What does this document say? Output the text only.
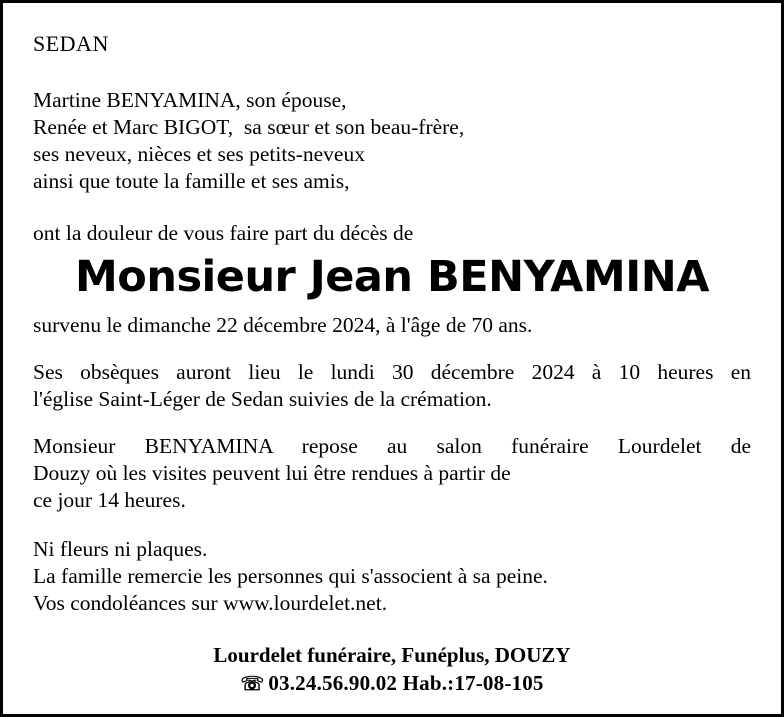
SEDAN
Martine BENYAMINA, son épouse,
Renée et Marc BIGOT,  sa sœur et son beau-frère,
ses neveux, nièces et ses petits-neveux
ainsi que toute la famille et ses amis,
ont la douleur de vous faire part du décès de
Monsieur Jean BENYAMINA
survenu le dimanche 22 décembre 2024, à l'âge de 70 ans.
Ses obsèques auront lieu le lundi 30 décembre 2024 à 10 heures en
l'église Saint-Léger de Sedan suivies de la crémation.
Monsieur BENYAMINA repose au salon funéraire Lourdelet de
Douzy où les visites peuvent lui être rendues à partir de
ce jour 14 heures.
Ni fleurs ni plaques.
La famille remercie les personnes qui s'associent à sa peine.
Vos condoléances sur www.lourdelet.net.
Lourdelet funéraire, Funéplus, DOUZY
☏ 03.24.56.90.02 Hab.:17-08-105
